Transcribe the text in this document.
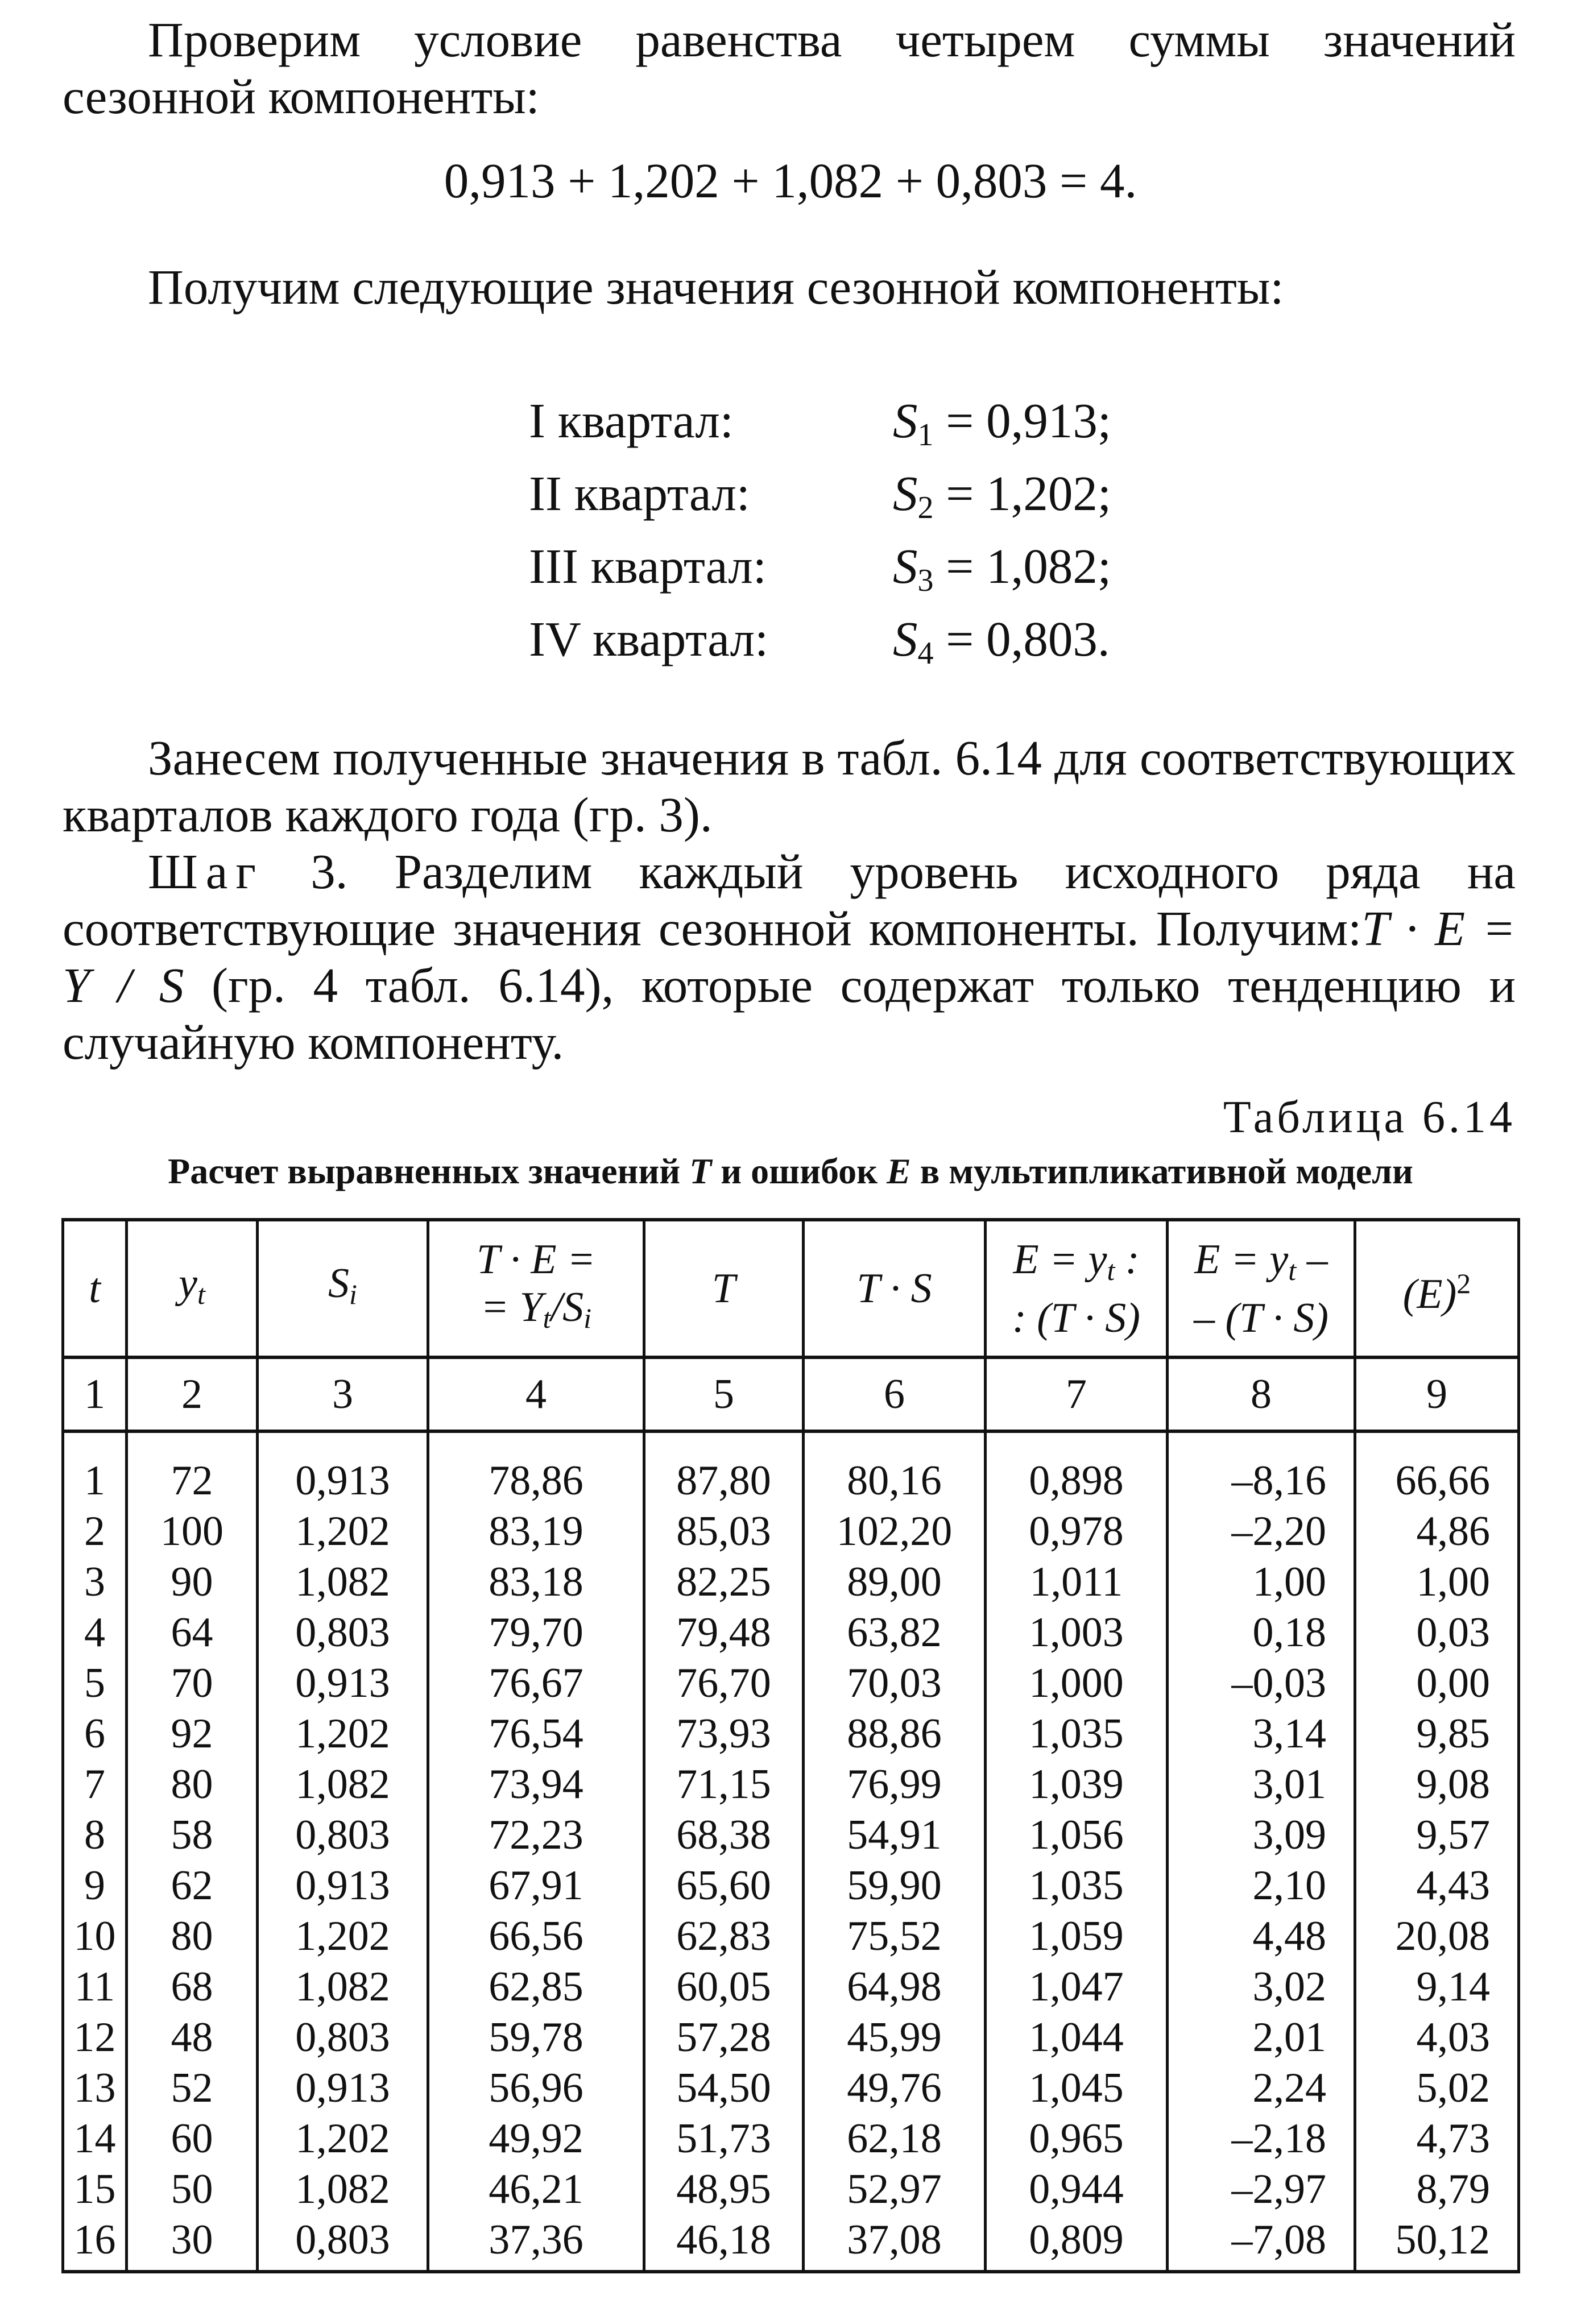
Проверим условие равенства четырем суммы значений сезонной компоненты:

0,913 + 1,202 + 1,082 + 0,803 = 4.

Получим следующие значения сезонной компоненты:

I квартал:	$S_1 = 0,913$;
II квартал:	$S_2 = 1,202$;
III квартал:	$S_3 = 1,082$;
IV квартал:	$S_4 = 0,803$.

Занесем полученные значения в табл. 6.14 для соответствующих кварталов каждого года (гр. 3).

Шаг 3. Разделим каждый уровень исходного ряда на соответствующие значения сезонной компоненты. Получим:T · E = Y / S (гр. 4 табл. 6.14), которые содержат только тенденцию и случайную компоненту.

Таблица 6.14
Расчет выравненных значений T и ошибок E в мультипликативной модели
t	$y_t$	$S_i$	T · E =
= $Y_t/S_i$	T	T · S	$E = y_t$ :
: (T · S)	$E = y_t$ –
– (T · S)	$(E)^2$
1	2	3	4	5	6	7	8	9

1	72	0,913	78,86	87,80	80,16	0,898	–8,16	66,66
2	100	1,202	83,19	85,03	102,20	0,978	–2,20	4,86
3	90	1,082	83,18	82,25	89,00	1,011	1,00	1,00
4	64	0,803	79,70	79,48	63,82	1,003	0,18	0,03
5	70	0,913	76,67	76,70	70,03	1,000	–0,03	0,00
6	92	1,202	76,54	73,93	88,86	1,035	3,14	9,85
7	80	1,082	73,94	71,15	76,99	1,039	3,01	9,08
8	58	0,803	72,23	68,38	54,91	1,056	3,09	9,57
9	62	0,913	67,91	65,60	59,90	1,035	2,10	4,43
10	80	1,202	66,56	62,83	75,52	1,059	4,48	20,08
11	68	1,082	62,85	60,05	64,98	1,047	3,02	9,14
12	48	0,803	59,78	57,28	45,99	1,044	2,01	4,03
13	52	0,913	56,96	54,50	49,76	1,045	2,24	5,02
14	60	1,202	49,92	51,73	62,18	0,965	–2,18	4,73
15	50	1,082	46,21	48,95	52,97	0,944	–2,97	8,79
16	30	0,803	37,36	46,18	37,08	0,809	–7,08	50,12
